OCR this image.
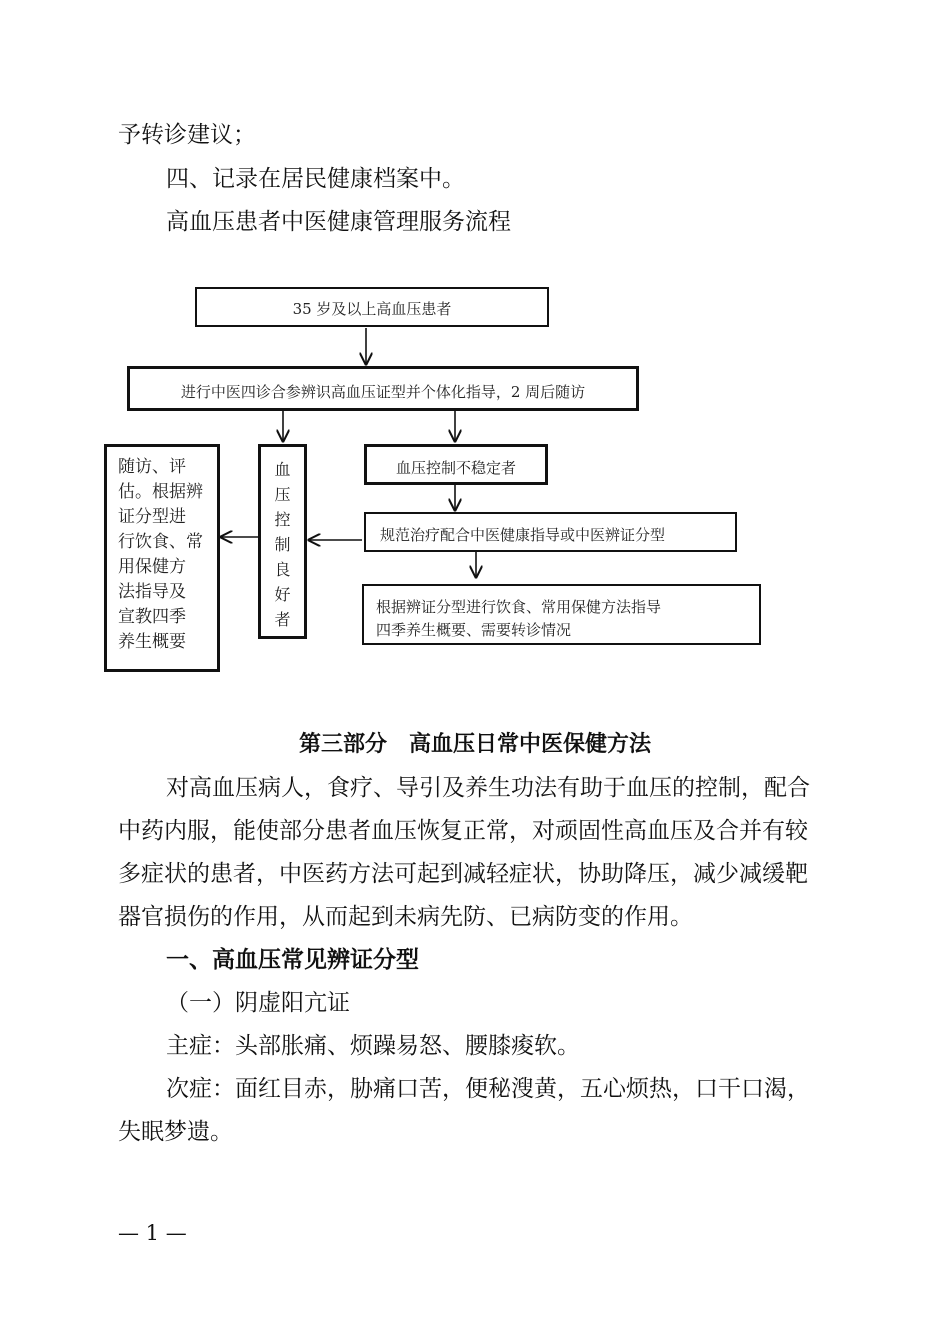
予转诊建议；
四、记录在居民健康档案中。
高血压患者中医健康管理服务流程
35 岁及以上高血压患者
进行中医四诊合参辨识高血压证型并个体化指导，2 周后随访
血压控制不稳定者
规范治疗配合中医健康指导或中医辨证分型
根据辨证分型进行饮食、常用保健方法指导
四季养生概要、需要转诊情况
血
压
控
制
良
好
者
随访、评
估。根据辨
证分型进
行饮食、常
用保健方
法指导及
宣教四季
养生概要
第三部分　高血压日常中医保健方法
对高血压病人，食疗、导引及养生功法有助于血压的控制，配合
中药内服，能使部分患者血压恢复正常，对顽固性高血压及合并有较
多症状的患者，中医药方法可起到减轻症状，协助降压，减少减缓靶
器官损伤的作用，从而起到未病先防、已病防变的作用。
一、高血压常见辨证分型
（一）阴虚阳亢证
主症：头部胀痛、烦躁易怒、腰膝痠软。
次症：面红目赤，胁痛口苦，便秘溲黄，五心烦热，口干口渴，
失眠梦遗。
— 1 —
